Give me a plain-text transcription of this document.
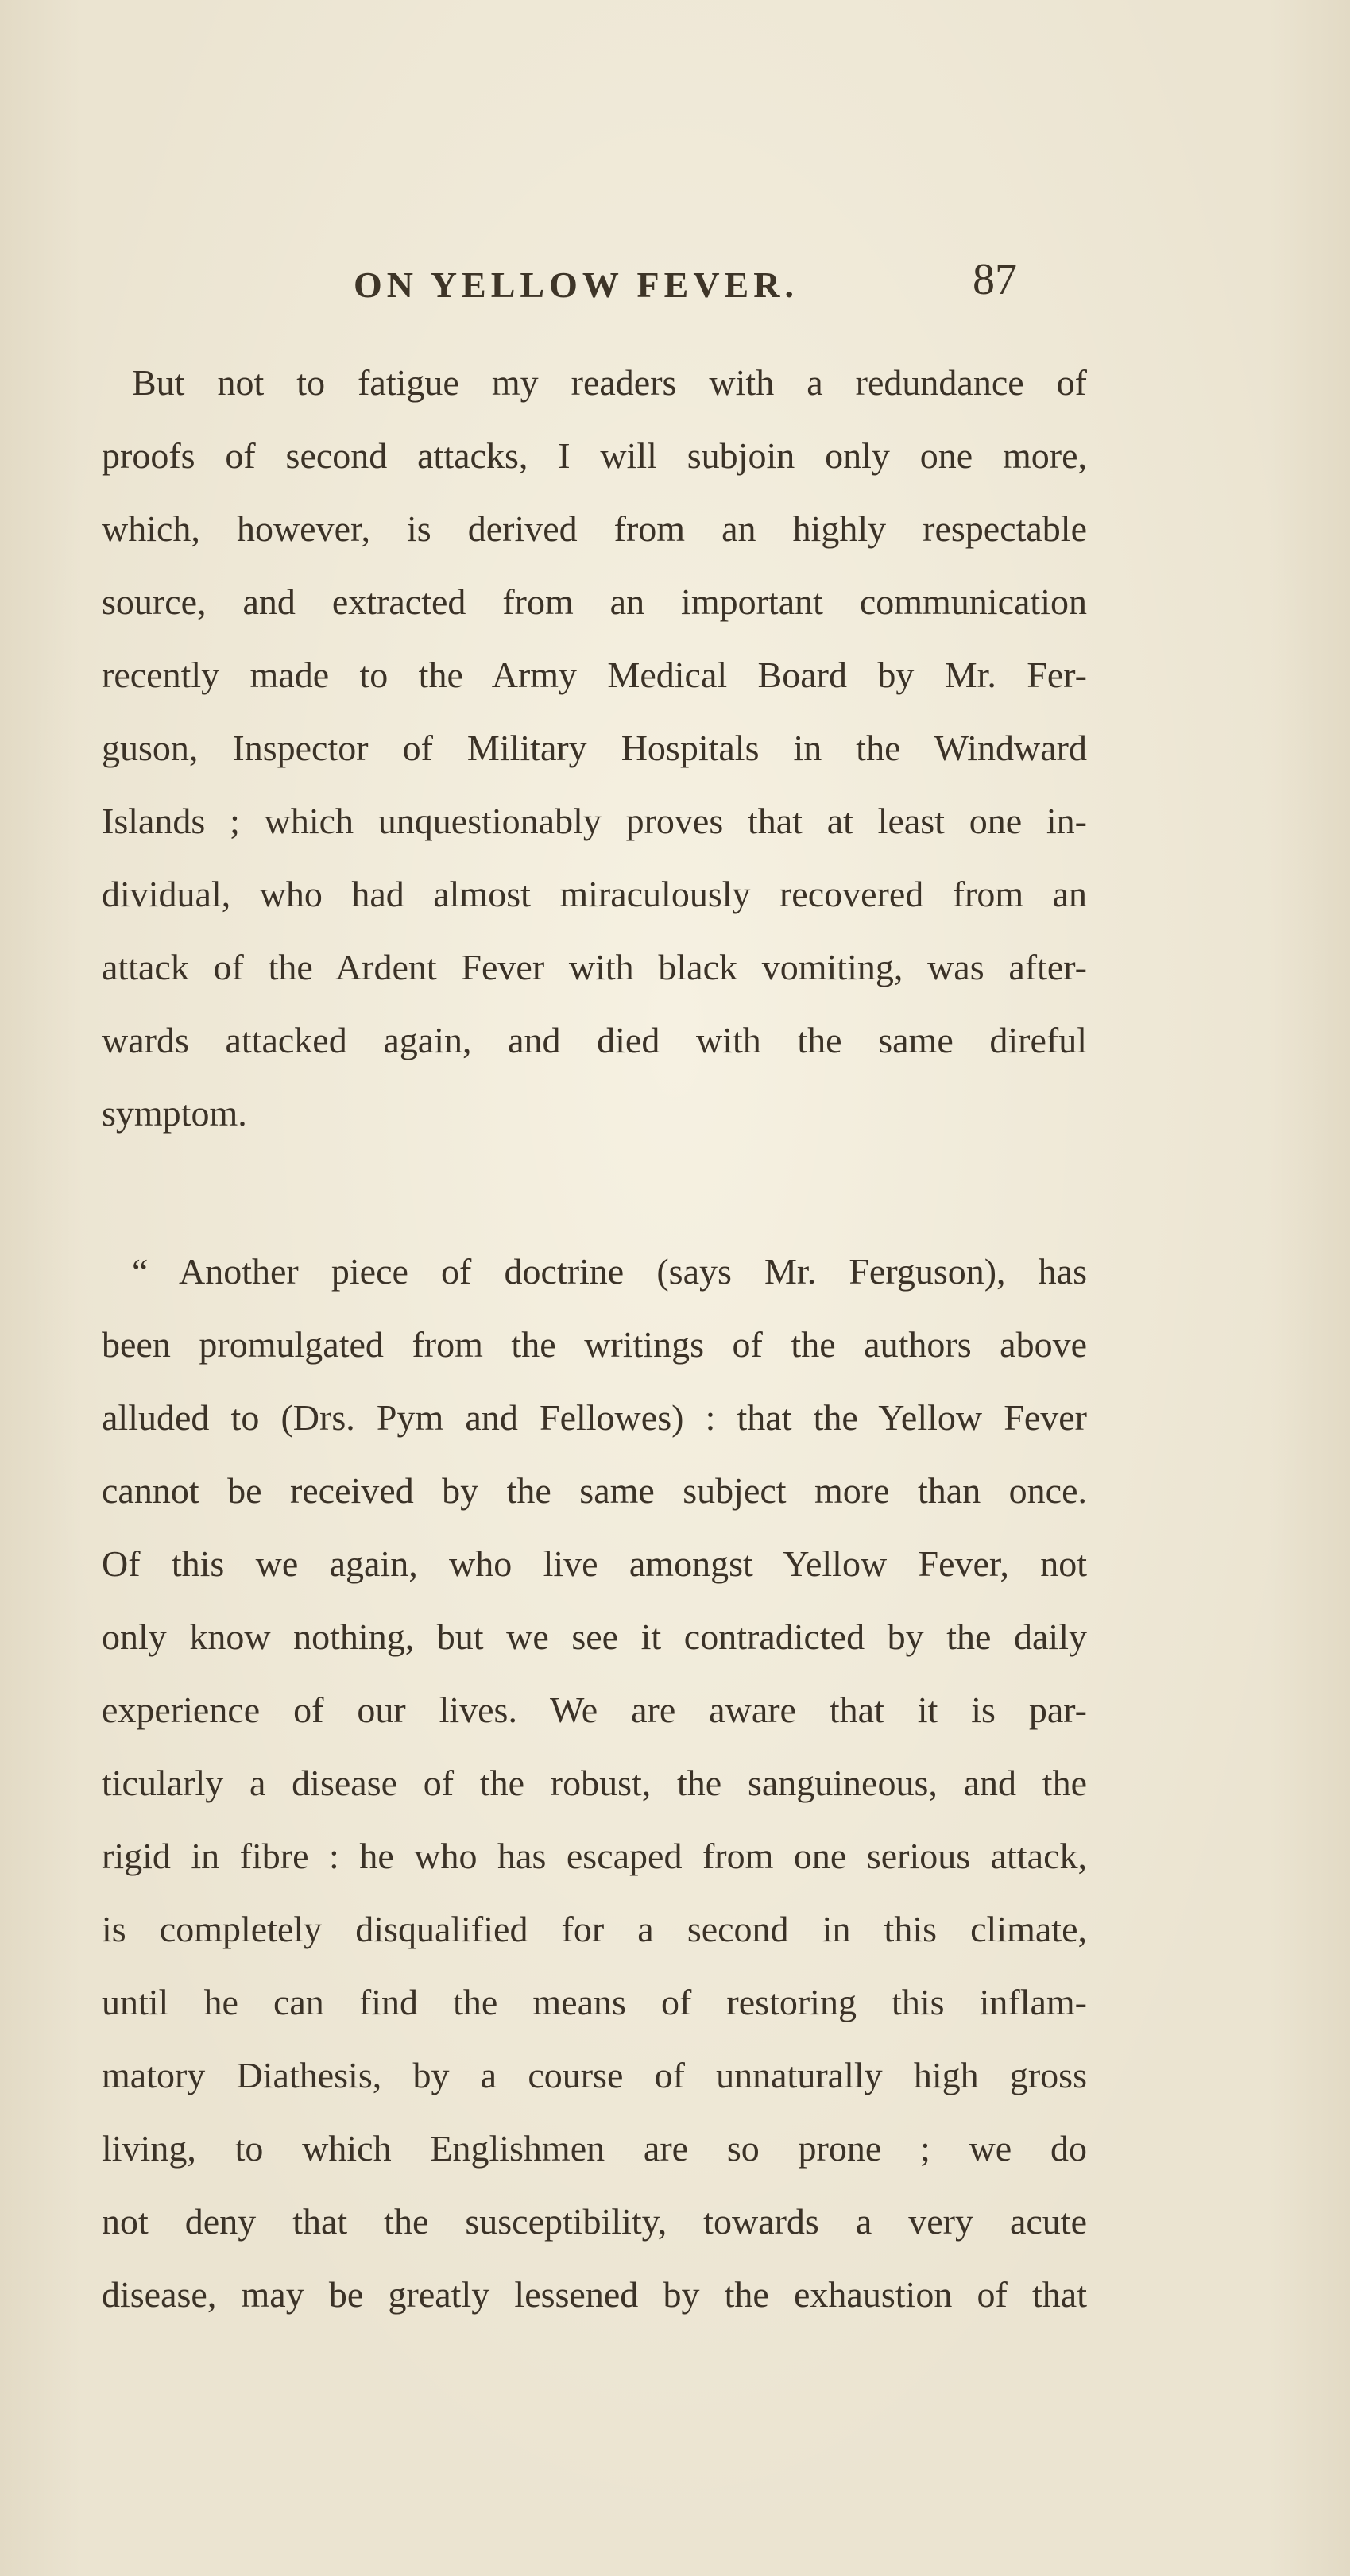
ON YELLOW FEVER.	87
But not to fatigue my readers with a redundance of
proofs of second attacks, I will subjoin only one more,
which, however, is derived from an highly respectable
source, and extracted from an important communication
recently made to the Army Medical Board by Mr. Fer-
guson, Inspector of Military Hospitals in the Windward
Islands ; which unquestionably proves that at least one in-
dividual, who had almost miraculously recovered from an
attack of the Ardent Fever with black vomiting, was after-
wards attacked again, and died with the same direful
symptom.
“ Another piece of doctrine (says Mr. Ferguson), has
been promulgated from the writings of the authors above
alluded to (Drs. Pym and Fellowes) : that the Yellow Fever
cannot be received by the same subject more than once.
Of this we again, who live amongst Yellow Fever, not
only know nothing, but we see it contradicted by the daily
experience of our lives. We are aware that it is par-
ticularly a disease of the robust, the sanguineous, and the
rigid in fibre : he who has escaped from one serious attack,
is completely disqualified for a second in this climate,
until he can find the means of restoring this inflam-
matory Diathesis, by a course of unnaturally high gross
living, to which Englishmen are so prone ; we do
not deny that the susceptibility, towards a very acute
disease, may be greatly lessened by the exhaustion of that
